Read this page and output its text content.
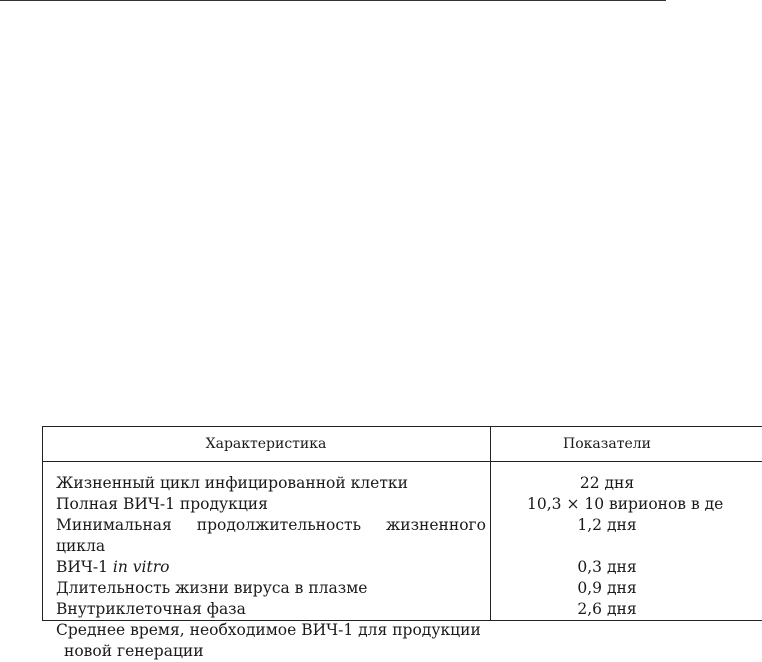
Характеристика	Показатели
Жизненный цикл инфицированной клетки
Полная ВИЧ-1 продукция
Минимальная продолжительность жизненного цикла
ВИЧ-1 in vitro
Длительность жизни вируса в плазме
Внутриклеточная фаза
Среднее время, необходимое ВИЧ-1 для продукции
новой генерации
22 дня
10,3 × 10 вирионов в де
1,2 дня
0,3 дня
0,9 дня
2,6 дня
